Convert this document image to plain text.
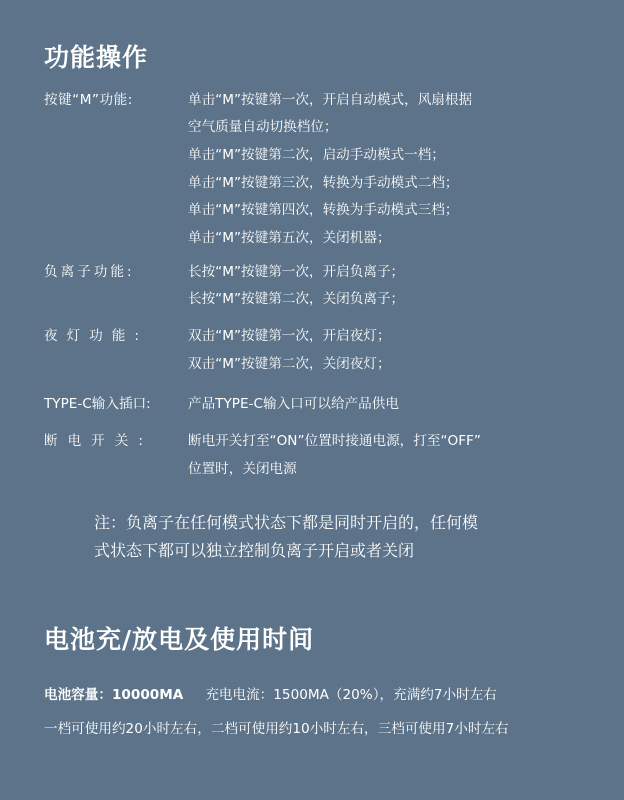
功能操作
按键“M”功能:	单击“M”按键第一次，开启自动模式，风扇根据
空气质量自动切换档位；
单击“M”按键第二次，启动手动模式一档；
单击“M”按键第三次，转换为手动模式二档；
单击“M”按键第四次，转换为手动模式三档；
单击“M”按键第五次，关闭机器；
负离子功能:	长按“M”按键第一次，开启负离子；
长按“M”按键第二次，关闭负离子；
夜灯功能:	双击“M”按键第一次，开启夜灯；
双击“M”按键第二次，关闭夜灯；
TYPE-C输入插口:	产品TYPE-C输入口可以给产品供电
断电开关:	断电开关打至“ON”位置时接通电源，打至“OFF”
位置时，关闭电源
注：负离子在任何模式状态下都是同时开启的，任何模
式状态下都可以独立控制负离子开启或者关闭
电池充/放电及使用时间
电池容量：10000MA 充电电流：1500MA（20%），充满约7小时左右
一档可使用约20小时左右，二档可使用约10小时左右，三档可使用7小时左右
